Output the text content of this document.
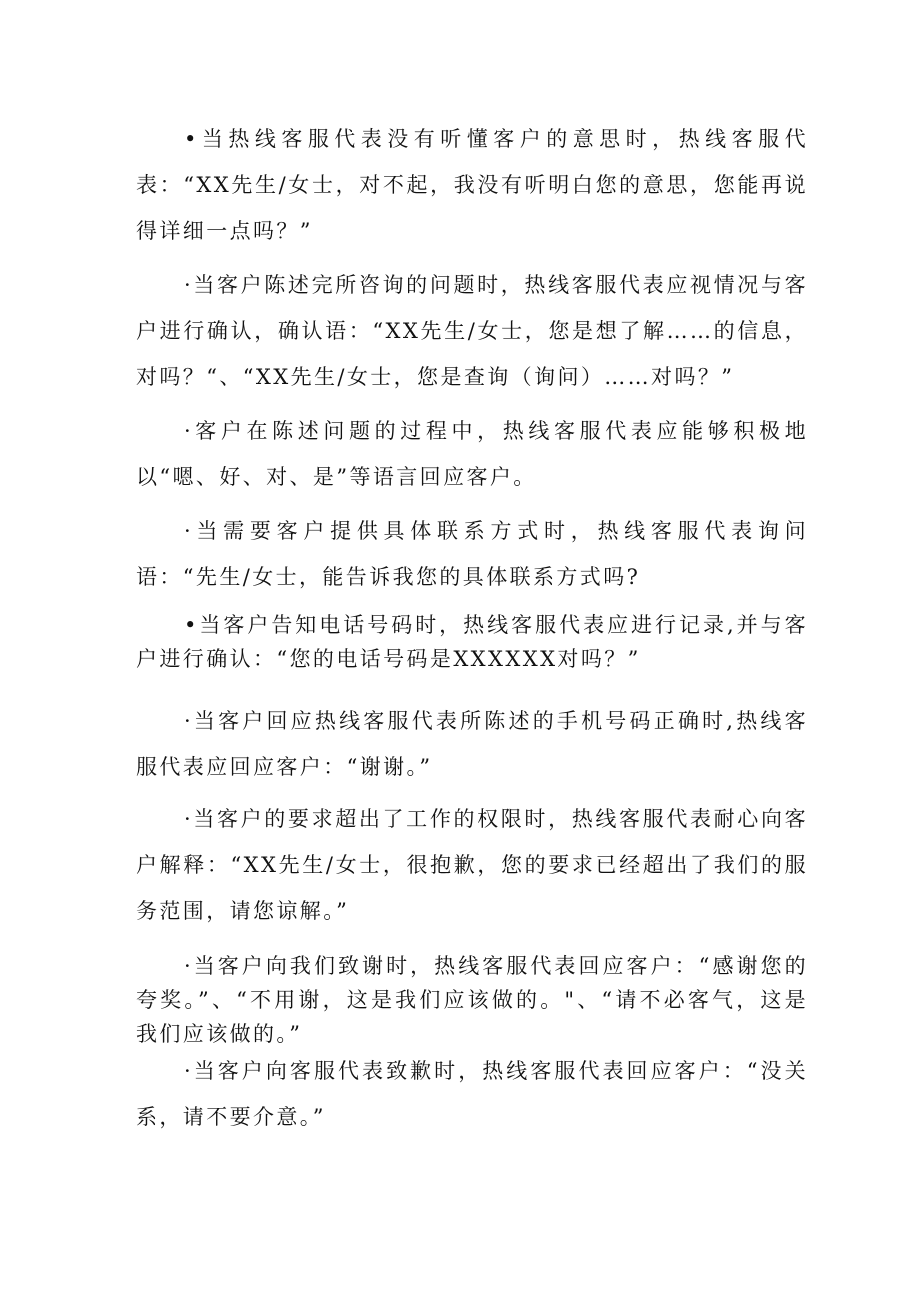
•当热线客服代表没有听懂客户的意思时，热线客服代表：“XX先生/女士，对不起，我没有听明白您的意思，您能再说得详细一点吗？”

·当客户陈述完所咨询的问题时，热线客服代表应视情况与客户进行确认，确认语：“XX先生/女士，您是想了解……的信息，对吗？“、“XX先生/女士，您是查询（询问）……对吗？”

·客户在陈述问题的过程中，热线客服代表应能够积极地以“嗯、好、对、是”等语言回应客户。

·当需要客户提供具体联系方式时，热线客服代表询问语：“先生/女士，能告诉我您的具体联系方式吗?

•当客户告知电话号码时，热线客服代表应进行记录,并与客户进行确认：“您的电话号码是XXXXXX对吗？”

·当客户回应热线客服代表所陈述的手机号码正确时,热线客服代表应回应客户：“谢谢。”

·当客户的要求超出了工作的权限时，热线客服代表耐心向客户解释：“XX先生/女士，很抱歉，您的要求已经超出了我们的服务范围，请您谅解。”

·当客户向我们致谢时，热线客服代表回应客户：“感谢您的夸奖。”、“不用谢，这是我们应该做的。"、“请不必客气，这是我们应该做的。”

·当客户向客服代表致歉时，热线客服代表回应客户：“没关系，请不要介意。”
